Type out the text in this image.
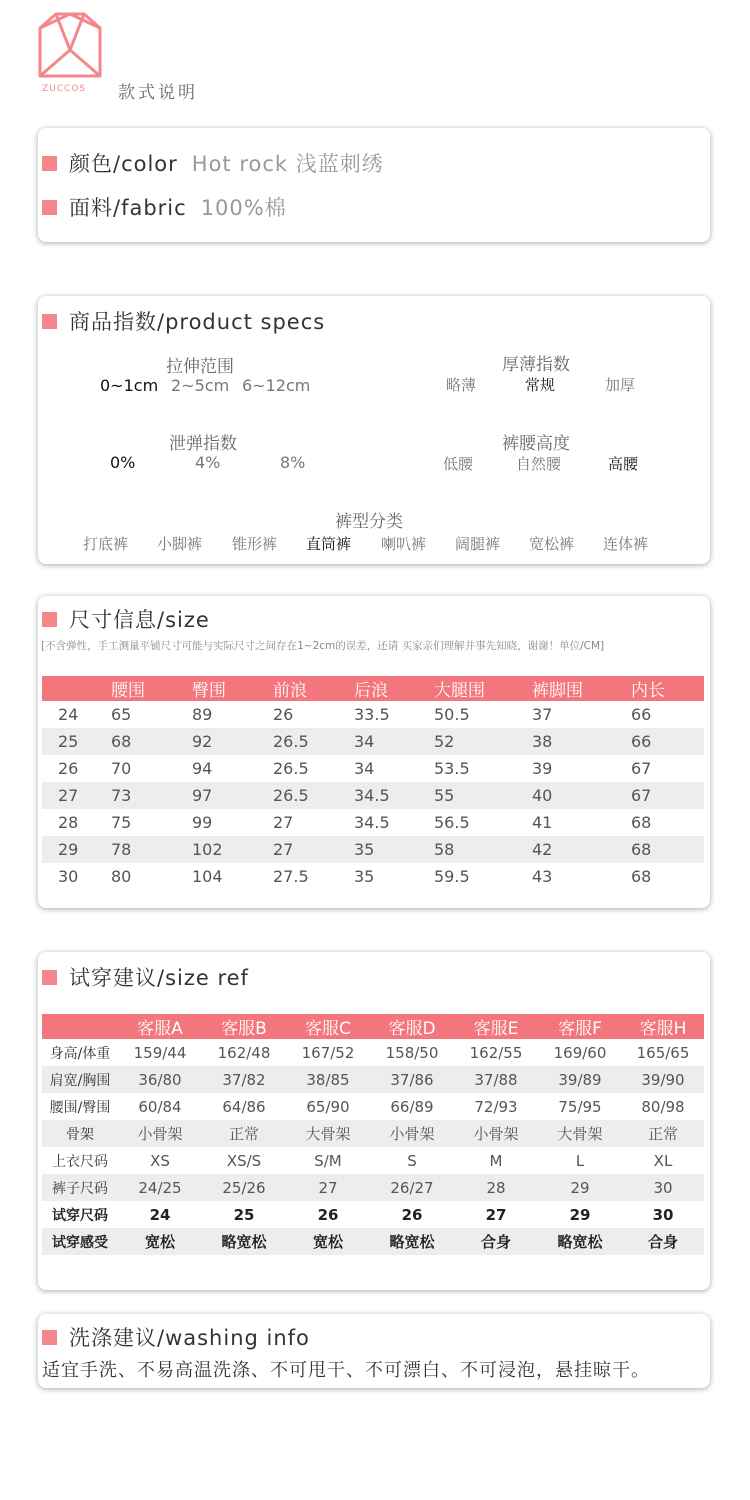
ZUCCOS 款式说明
颜色/color Hot rock 浅蓝刺绣
面料/fabric 100%棉
商品指数/product specs
拉伸范围
0~1cm 2~5cm 6~12cm
厚薄指数
略薄	常规	加厚
泄弹指数
0%	4%	8%
裤腰高度
低腰	自然腰	高腰
裤型分类
打底裤 小脚裤 锥形裤 直筒裤 喇叭裤 阔腿裤 宽松裤 连体裤
尺寸信息/size
[不含弹性，手工测量平铺尺寸可能与实际尺寸之间存在1~2cm的误差，还请 买家亲们理解并事先知晓，谢谢！单位/CM]
		腰围	臀围	前浪	后浪	大腿围	裤脚围	内长
	24	65	89	26	33.5	50.5	37	66
	25	68	92	26.5	34	52	38	66
	26	70	94	26.5	34	53.5	39	67
	27	73	97	26.5	34.5	55	40	67
	28	75	99	27	34.5	56.5	41	68
	29	78	102	27	35	58	42	68
	30	80	104	27.5	35	59.5	43	68
试穿建议/size ref
	客服A	客服B	客服C	客服D	客服E	客服F	客服H
身高/体重	159/44	162/48	167/52	158/50	162/55	169/60	165/65
肩宽/胸围	36/80	37/82	38/85	37/86	37/88	39/89	39/90
腰围/臀围	60/84	64/86	65/90	66/89	72/93	75/95	80/98
骨架	小骨架	正常	大骨架	小骨架	小骨架	大骨架	正常
上衣尺码	XS	XS/S	S/M	S	M	L	XL
裤子尺码	24/25	25/26	27	26/27	28	29	30
试穿尺码	24	25	26	26	27	29	30
试穿感受	宽松	略宽松	宽松	略宽松	合身	略宽松	合身
洗涤建议/washing info
适宜手洗、不易高温洗涤、不可甩干、不可漂白、不可浸泡，悬挂晾干。
